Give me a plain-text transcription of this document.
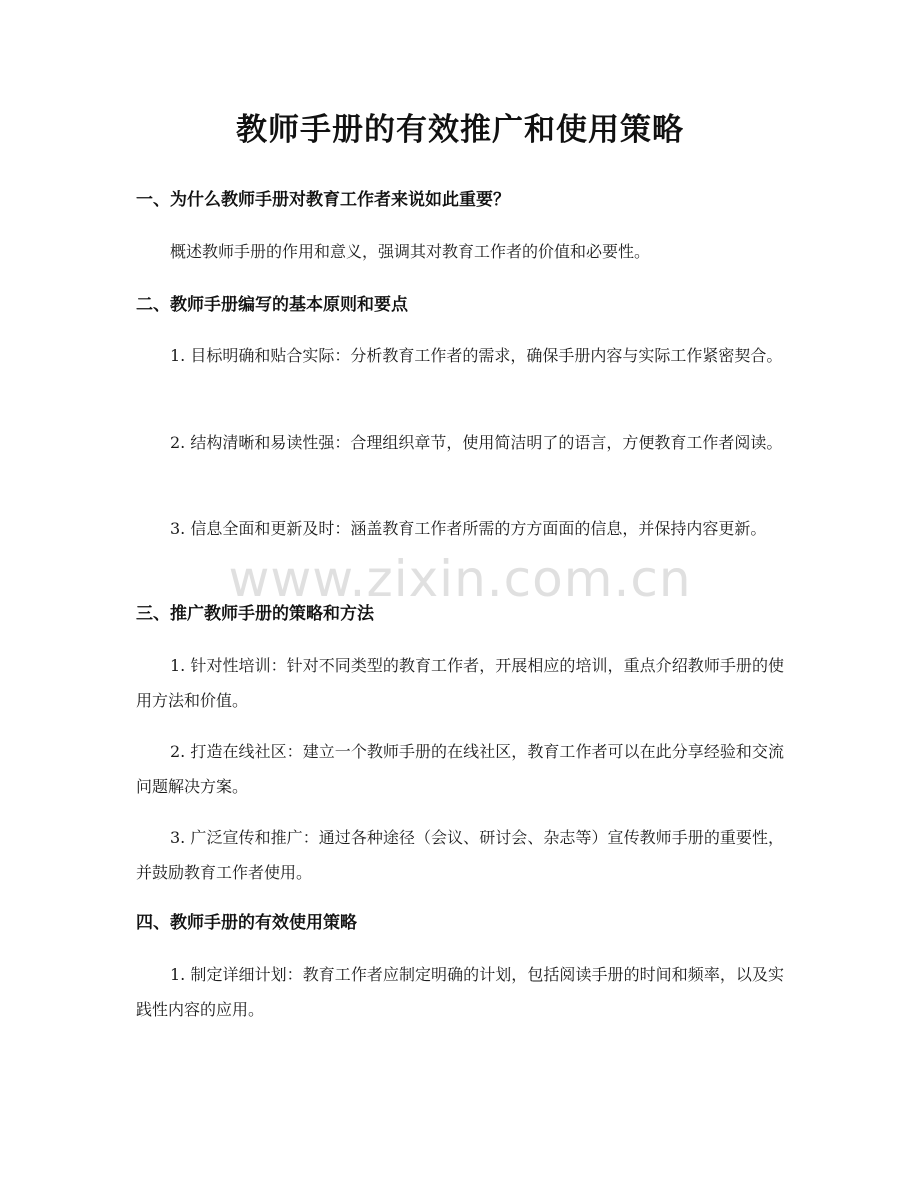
教师手册的有效推广和使用策略
一、为什么教师手册对教育工作者来说如此重要？
概述教师手册的作用和意义，强调其对教育工作者的价值和必要性。
二、教师手册编写的基本原则和要点
1. 目标明确和贴合实际：分析教育工作者的需求，确保手册内容与实际工作紧密契合。
2. 结构清晰和易读性强：合理组织章节，使用简洁明了的语言，方便教育工作者阅读。
3. 信息全面和更新及时：涵盖教育工作者所需的方方面面的信息，并保持内容更新。
三、推广教师手册的策略和方法
1. 针对性培训：针对不同类型的教育工作者，开展相应的培训，重点介绍教师手册的使用方法和价值。
2. 打造在线社区：建立一个教师手册的在线社区，教育工作者可以在此分享经验和交流问题解决方案。
3. 广泛宣传和推广：通过各种途径（会议、研讨会、杂志等）宣传教师手册的重要性，并鼓励教育工作者使用。
四、教师手册的有效使用策略
1. 制定详细计划：教育工作者应制定明确的计划，包括阅读手册的时间和频率，以及实践性内容的应用。
www.zixin.com.cn
